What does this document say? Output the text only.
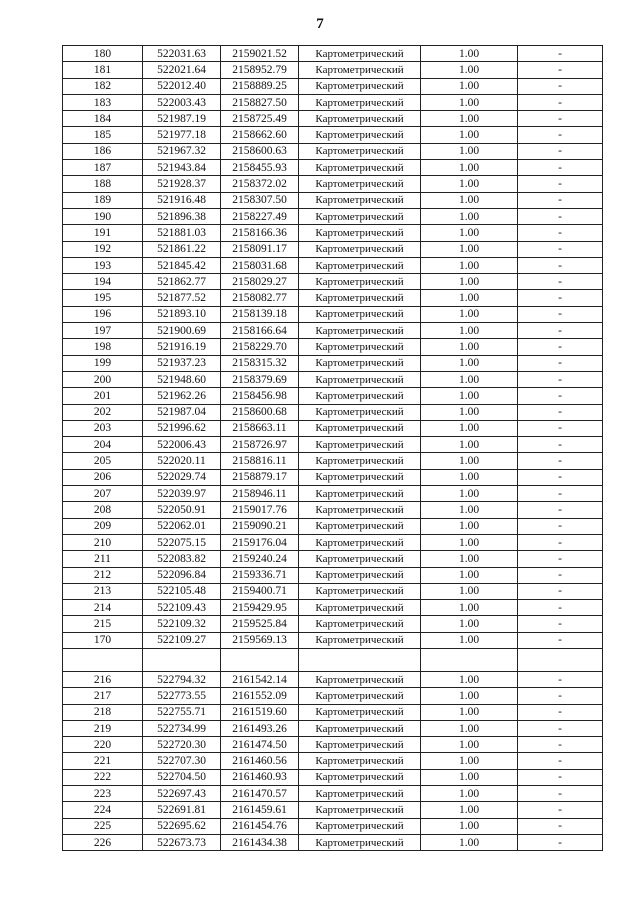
7
180	522031.63	2159021.52	Картометрический	1.00	-
181	522021.64	2158952.79	Картометрический	1.00	-
182	522012.40	2158889.25	Картометрический	1.00	-
183	522003.43	2158827.50	Картометрический	1.00	-
184	521987.19	2158725.49	Картометрический	1.00	-
185	521977.18	2158662.60	Картометрический	1.00	-
186	521967.32	2158600.63	Картометрический	1.00	-
187	521943.84	2158455.93	Картометрический	1.00	-
188	521928.37	2158372.02	Картометрический	1.00	-
189	521916.48	2158307.50	Картометрический	1.00	-
190	521896.38	2158227.49	Картометрический	1.00	-
191	521881.03	2158166.36	Картометрический	1.00	-
192	521861.22	2158091.17	Картометрический	1.00	-
193	521845.42	2158031.68	Картометрический	1.00	-
194	521862.77	2158029.27	Картометрический	1.00	-
195	521877.52	2158082.77	Картометрический	1.00	-
196	521893.10	2158139.18	Картометрический	1.00	-
197	521900.69	2158166.64	Картометрический	1.00	-
198	521916.19	2158229.70	Картометрический	1.00	-
199	521937.23	2158315.32	Картометрический	1.00	-
200	521948.60	2158379.69	Картометрический	1.00	-
201	521962.26	2158456.98	Картометрический	1.00	-
202	521987.04	2158600.68	Картометрический	1.00	-
203	521996.62	2158663.11	Картометрический	1.00	-
204	522006.43	2158726.97	Картометрический	1.00	-
205	522020.11	2158816.11	Картометрический	1.00	-
206	522029.74	2158879.17	Картометрический	1.00	-
207	522039.97	2158946.11	Картометрический	1.00	-
208	522050.91	2159017.76	Картометрический	1.00	-
209	522062.01	2159090.21	Картометрический	1.00	-
210	522075.15	2159176.04	Картометрический	1.00	-
211	522083.82	2159240.24	Картометрический	1.00	-
212	522096.84	2159336.71	Картометрический	1.00	-
213	522105.48	2159400.71	Картометрический	1.00	-
214	522109.43	2159429.95	Картометрический	1.00	-
215	522109.32	2159525.84	Картометрический	1.00	-
170	522109.27	2159569.13	Картометрический	1.00	-

216	522794.32	2161542.14	Картометрический	1.00	-
217	522773.55	2161552.09	Картометрический	1.00	-
218	522755.71	2161519.60	Картометрический	1.00	-
219	522734.99	2161493.26	Картометрический	1.00	-
220	522720.30	2161474.50	Картометрический	1.00	-
221	522707.30	2161460.56	Картометрический	1.00	-
222	522704.50	2161460.93	Картометрический	1.00	-
223	522697.43	2161470.57	Картометрический	1.00	-
224	522691.81	2161459.61	Картометрический	1.00	-
225	522695.62	2161454.76	Картометрический	1.00	-
226	522673.73	2161434.38	Картометрический	1.00	-
